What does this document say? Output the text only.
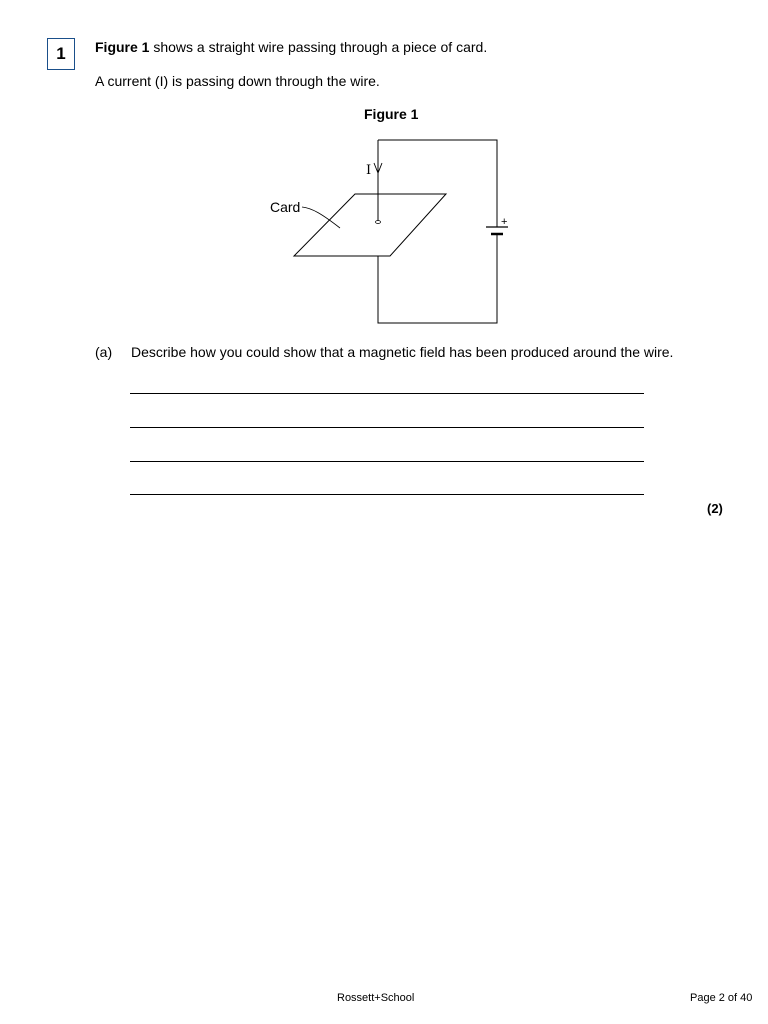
1	Figure 1 shows a straight wire passing through a piece of card.
A current (I) is passing down through the wire.
Figure 1
+
I
Card
(a) Describe how you could show that a magnetic field has been produced around the wire.
(2)
Rossett+School	Page 2 of 40
